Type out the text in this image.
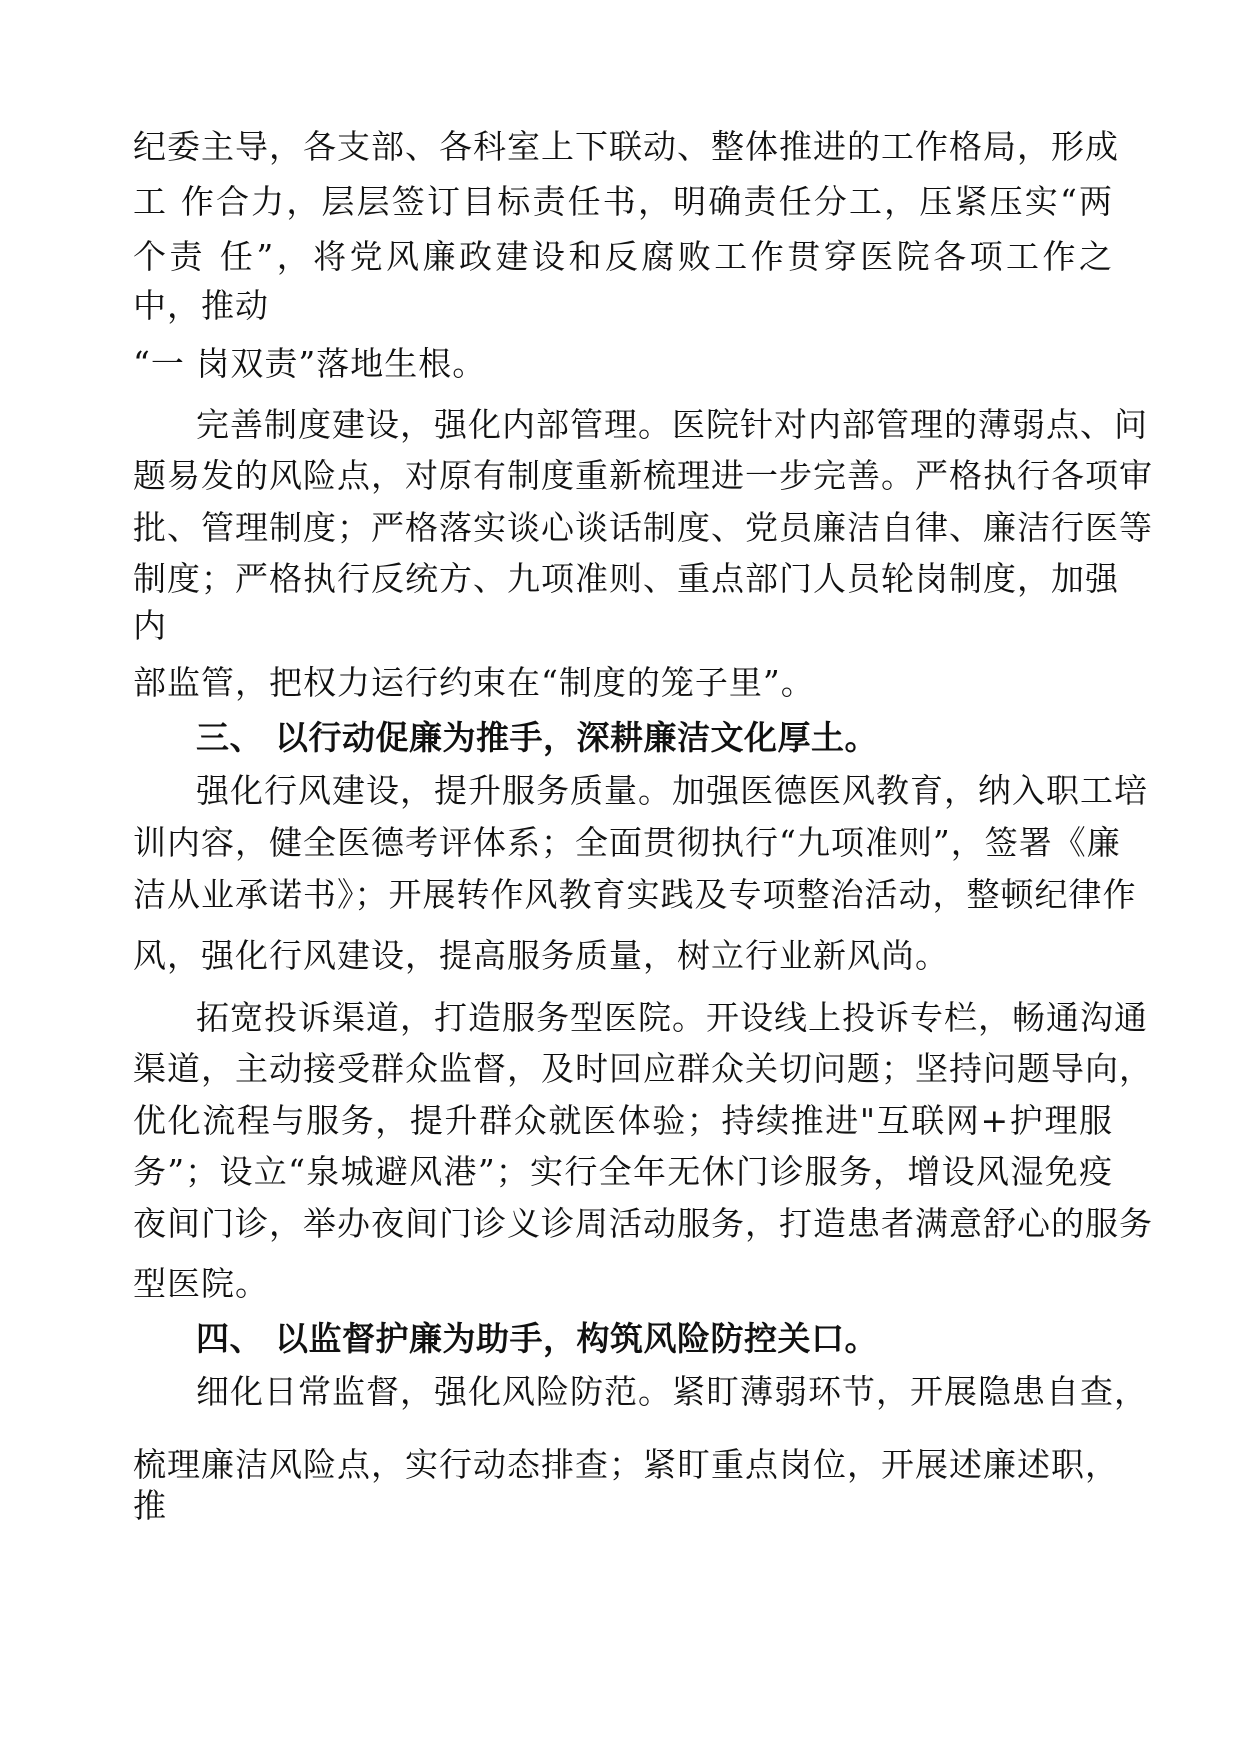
纪委主导，各支部、各科室上下联动、整体推进的工作格局，形成
工 作合力，层层签订目标责任书，明确责任分工，压紧压实“两
个责 任”，将党风廉政建设和反腐败工作贯穿医院各项工作之
中，推动
“一 岗双责”落地生根。
完善制度建设，强化内部管理。医院针对内部管理的薄弱点、问
题易发的风险点，对原有制度重新梳理进一步完善。严格执行各项审
批、管理制度；严格落实谈心谈话制度、党员廉洁自律、廉洁行医等
制度；严格执行反统方、九项准则、重点部门人员轮岗制度，加强
内
部监管，把权力运行约束在“制度的笼子里”。
三、 以行动促廉为推手，深耕廉洁文化厚土。
强化行风建设，提升服务质量。加强医德医风教育，纳入职工培
训内容，健全医德考评体系；全面贯彻执行“九项准则”，签署《廉
洁从业承诺书》；开展转作风教育实践及专项整治活动，整顿纪律作
风，强化行风建设，提高服务质量，树立行业新风尚。
拓宽投诉渠道，打造服务型医院。开设线上投诉专栏，畅通沟通
渠道，主动接受群众监督，及时回应群众关切问题；坚持问题导向，
优化流程与服务，提升群众就医体验；持续推进"互联网+护理服
务”；设立“泉城避风港”；实行全年无休门诊服务，增设风湿免疫
夜间门诊，举办夜间门诊义诊周活动服务，打造患者满意舒心的服务
型医院。
四、 以监督护廉为助手，构筑风险防控关口。
细化日常监督，强化风险防范。紧盯薄弱环节，开展隐患自查，
梳理廉洁风险点，实行动态排查；紧盯重点岗位，开展述廉述职，
推
